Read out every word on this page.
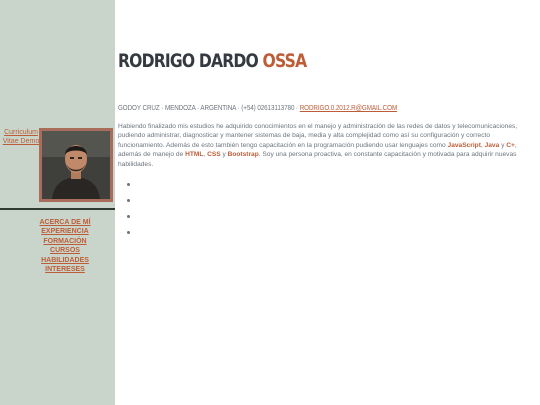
Curriculum Vitae Demo
ACERCA DE MÍ
EXPERIENCIA
FORMACIÓN
CURSOS
HABILIDADES
INTERESES
RODRIGO DARDO OSSA
GODOY CRUZ · MENDOZA · ARGENTINA · (+54) 02613113780 · RODRIGO.0.2012.R@GMAIL.COM

Habiendo finalizado mis estudios he adquirido conocimientos en el manejo y administración de las redes de datos y telecomunicaciones, pudiendo administrar, diagnosticar y mantener sistemas de baja, media y alta complejidad como así su configuración y correcto funcionamiento. Además de esto también tengo capacitación en la programación pudiendo usar lenguajes como JavaScript, Java y C+, además de manejo de HTML, CSS y Bootstrap. Soy una persona proactiva, en constante capacitación y motivada para adquirir nuevas habilidades.
